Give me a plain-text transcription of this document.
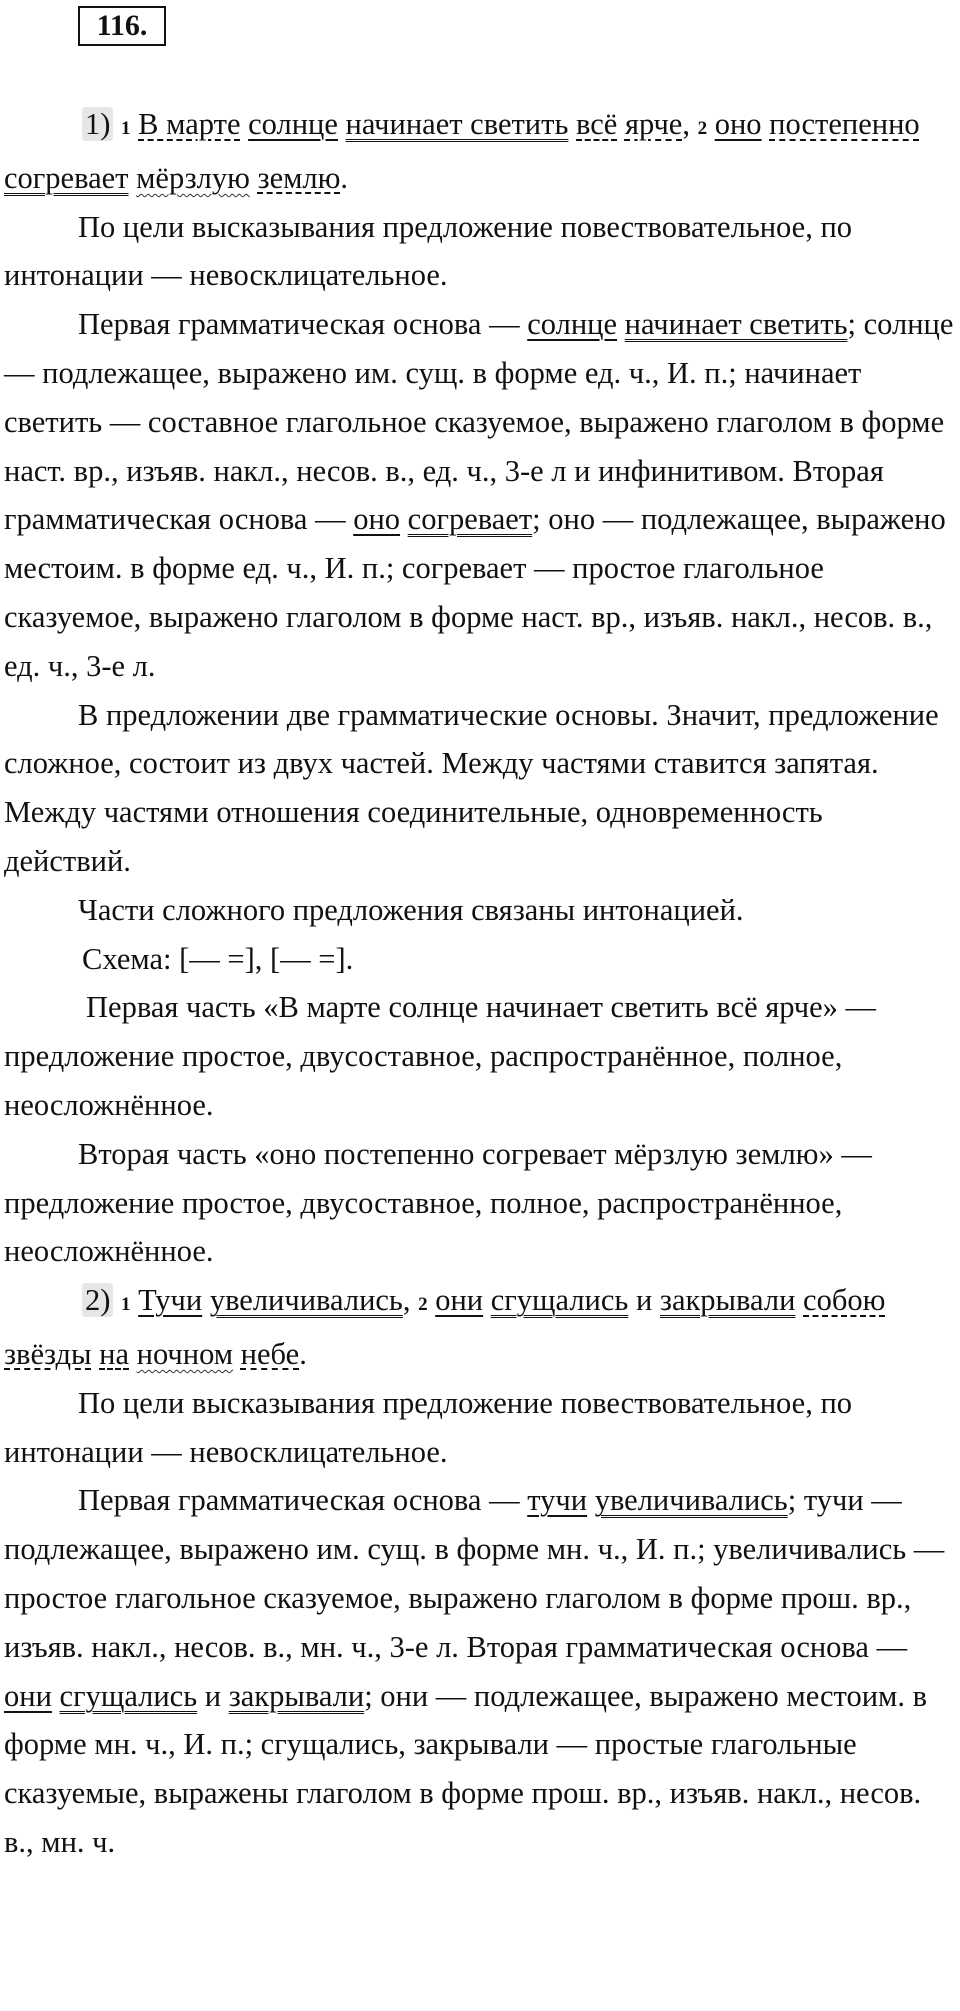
116.

1) 1 В марте солнце начинает светить всё ярче, 2 оно постепенно согревает мёрзлую землю.

По цели высказывания предложение повествовательное, по интонации — невосклицательное.

Первая грамматическая основа — солнце начинает светить; солнце — подлежащее, выражено им. сущ. в форме ед. ч., И. п.; начинает светить — составное глагольное сказуемое, выражено глаголом в форме наст. вр., изъяв. накл., несов. в., ед. ч., 3-е л и инфинитивом. Вторая грамматическая основа — оно согревает; оно — подлежащее, выражено местоим. в форме ед. ч., И. п.; согревает — простое глагольное сказуемое, выражено глаголом в форме наст. вр., изъяв. накл., несов. в., ед. ч., 3-е л.

В предложении две грамматические основы. Значит, предложение сложное, состоит из двух частей. Между частями ставится запятая. Между частями отношения соединительные, одновременность действий.

Части сложного предложения связаны интонацией.

Схема: [— =], [— =].

Первая часть «В марте солнце начинает светить всё ярче» — предложение простое, двусоставное, распространённое, полное, неосложнённое.

Вторая часть «оно постепенно согревает мёрзлую землю» — предложение простое, двусоставное, полное, распространённое, неосложнённое.

2) 1 Тучи увеличивались, 2 они сгущались и закрывали собою звёзды на ночном небе.

По цели высказывания предложение повествовательное, по интонации — невосклицательное.

Первая грамматическая основа — тучи увеличивались; тучи — подлежащее, выражено им. сущ. в форме мн. ч., И. п.; увеличивались — простое глагольное сказуемое, выражено глаголом в форме прош. вр., изъяв. накл., несов. в., мн. ч., 3-е л. Вторая грамматическая основа — они сгущались и закрывали; они — подлежащее, выражено местоим. в форме мн. ч., И. п.; сгущались, закрывали — простые глагольные сказуемые, выражены глаголом в форме прош. вр., изъяв. накл., несов. в., мн. ч.
